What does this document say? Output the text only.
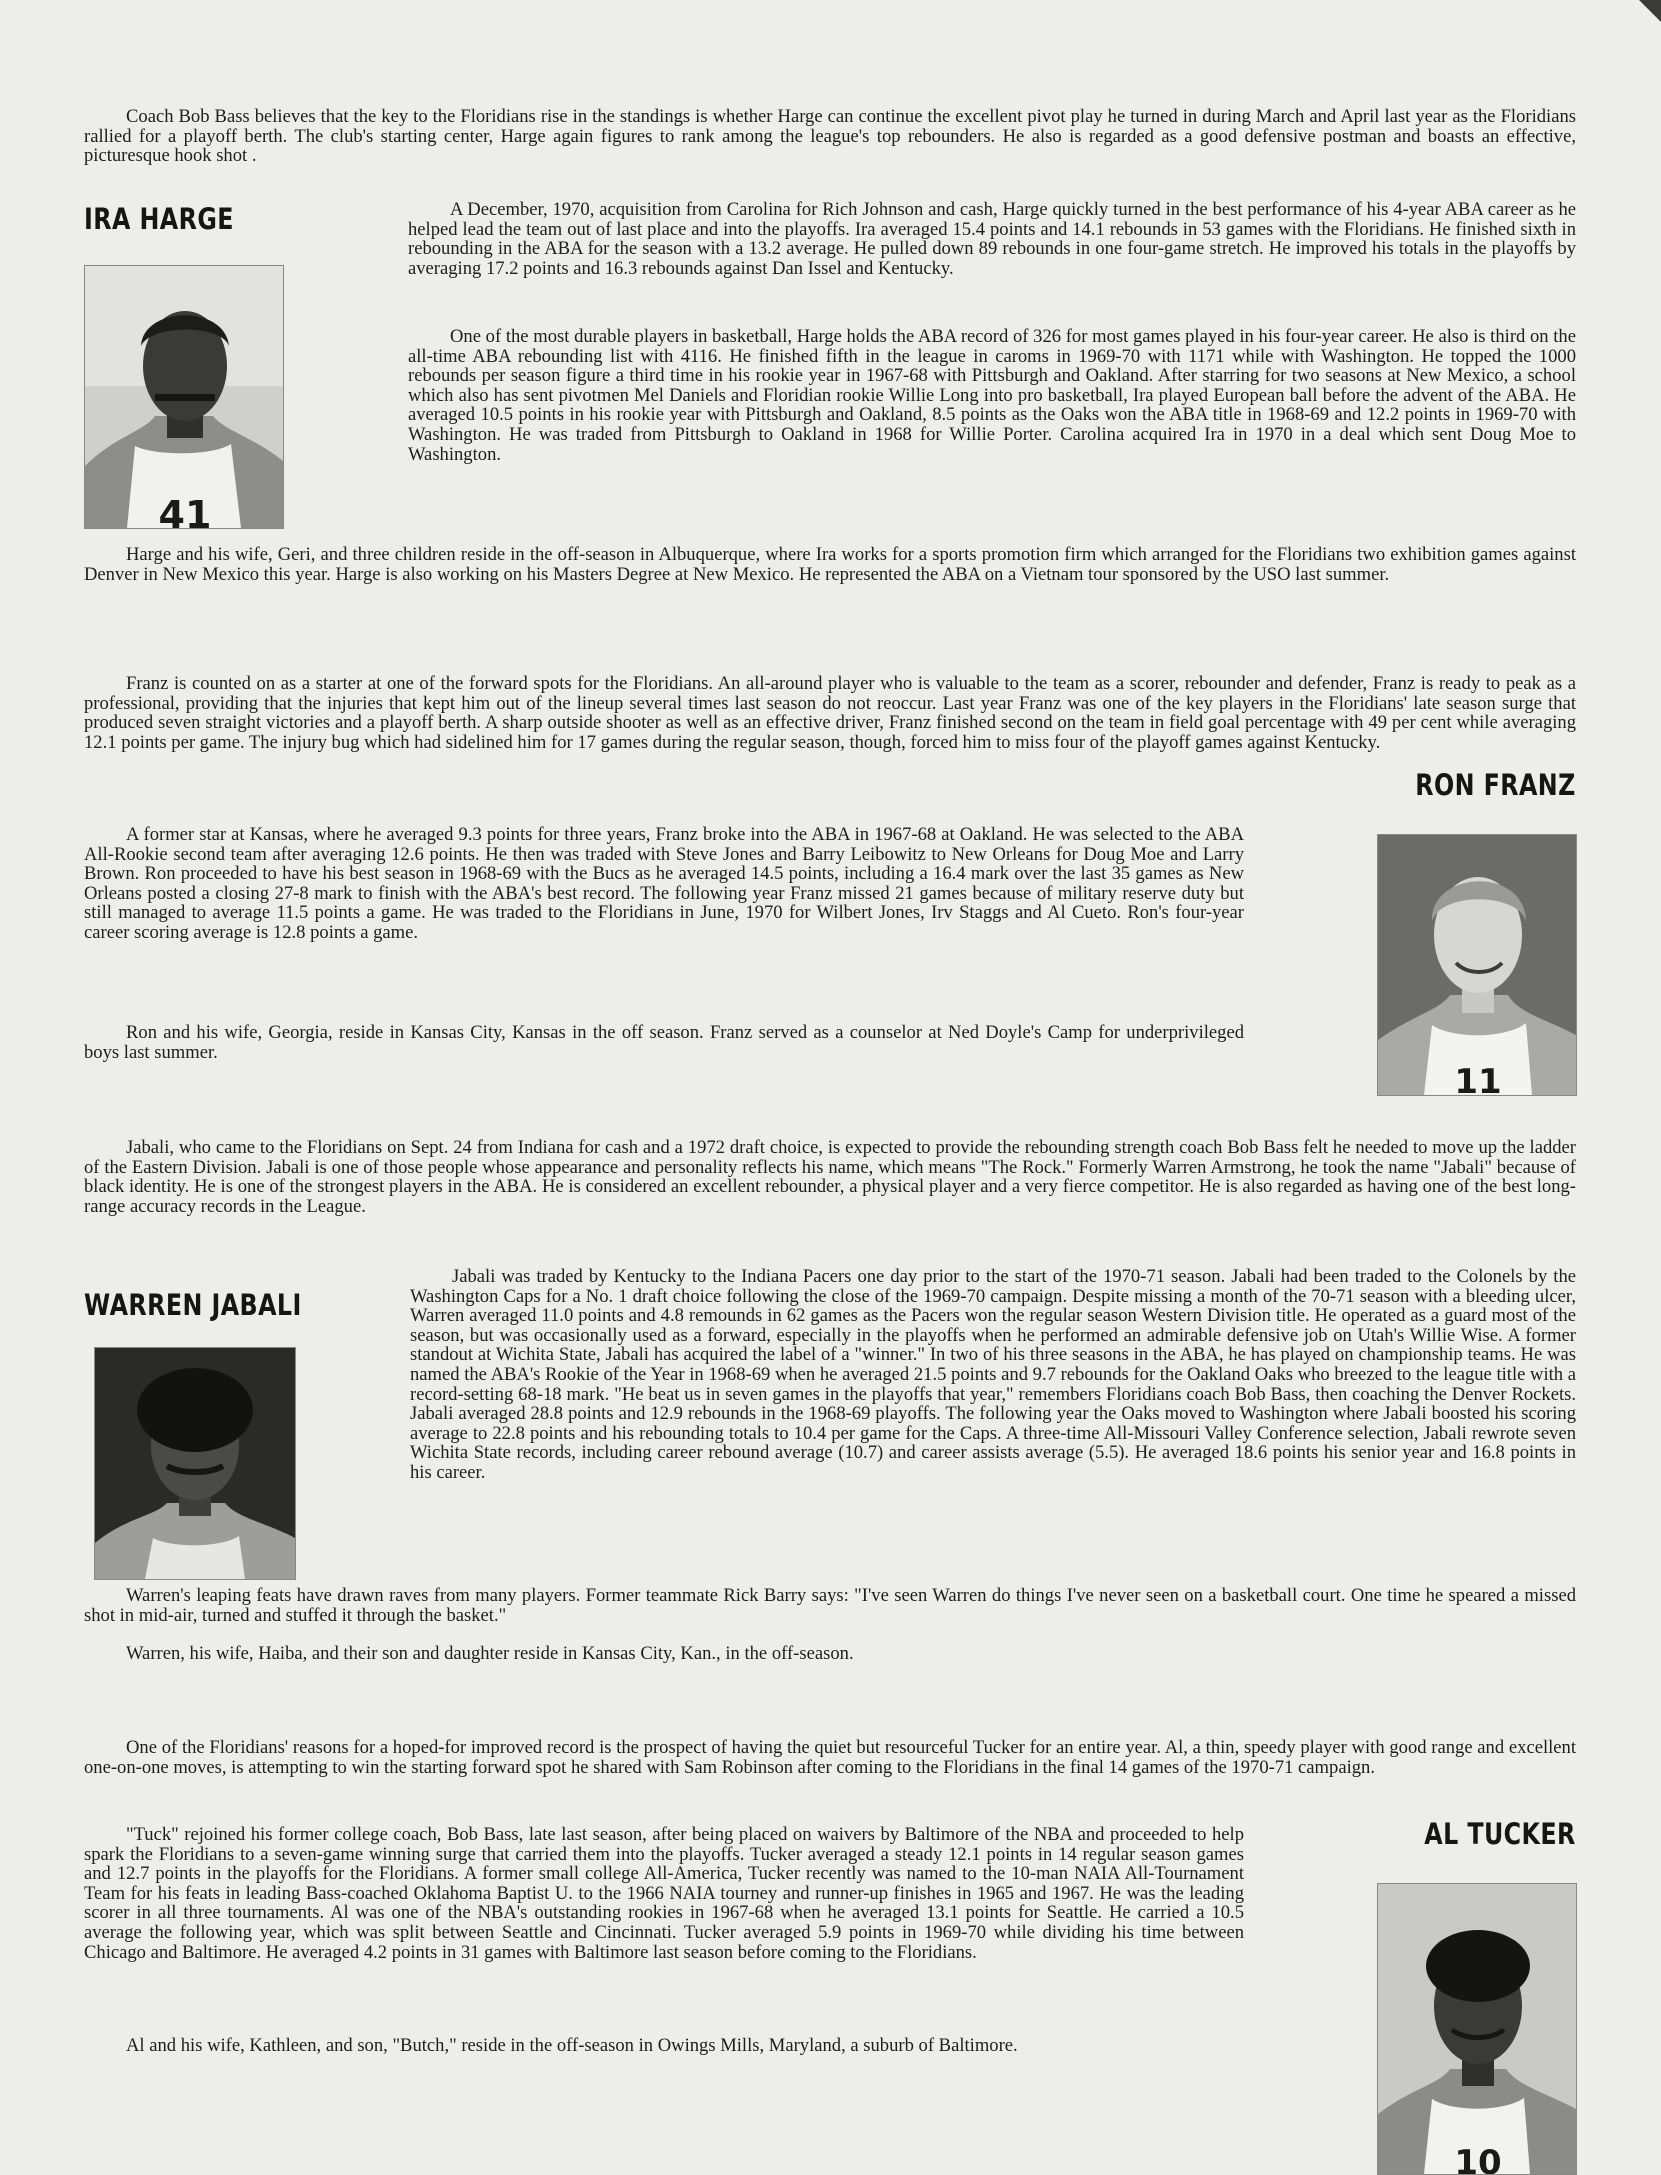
Coach Bob Bass believes that the key to the Floridians rise in the standings is whether Harge can continue the excellent pivot play he turned in during March and April last year as the Floridians rallied for a playoff berth. The club's starting center, Harge again figures to rank among the league's top rebounders. He also is regarded as a good defensive postman and boasts an effective, picturesque hook shot .

IRA HARGE
41

A December, 1970, acquisition from Carolina for Rich Johnson and cash, Harge quickly turned in the best performance of his 4-year ABA career as he helped lead the team out of last place and into the playoffs. Ira averaged 15.4 points and 14.1 rebounds in 53 games with the Floridians. He finished sixth in rebounding in the ABA for the season with a 13.2 average. He pulled down 89 rebounds in one four-game stretch. He improved his totals in the playoffs by averaging 17.2 points and 16.3 rebounds against Dan Issel and Kentucky.

One of the most durable players in basketball, Harge holds the ABA record of 326 for most games played in his four-year career. He also is third on the all-time ABA rebounding list with 4116. He finished fifth in the league in caroms in 1969-70 with 1171 while with Washington. He topped the 1000 rebounds per season figure a third time in his rookie year in 1967-68 with Pittsburgh and Oakland. After starring for two seasons at New Mexico, a school which also has sent pivotmen Mel Daniels and Floridian rookie Willie Long into pro basketball, Ira played European ball before the advent of the ABA. He averaged 10.5 points in his rookie year with Pittsburgh and Oakland, 8.5 points as the Oaks won the ABA title in 1968-69 and 12.2 points in 1969-70 with Washington. He was traded from Pittsburgh to Oakland in 1968 for Willie Porter. Carolina acquired Ira in 1970 in a deal which sent Doug Moe to Washington.

Harge and his wife, Geri, and three children reside in the off-season in Albuquerque, where Ira works for a sports promotion firm which arranged for the Floridians two exhibition games against Denver in New Mexico this year. Harge is also working on his Masters Degree at New Mexico. He represented the ABA on a Vietnam tour sponsored by the USO last summer.

Franz is counted on as a starter at one of the forward spots for the Floridians. An all-around player who is valuable to the team as a scorer, rebounder and defender, Franz is ready to peak as a professional, providing that the injuries that kept him out of the lineup several times last season do not reoccur. Last year Franz was one of the key players in the Floridians' late season surge that produced seven straight victories and a playoff berth. A sharp outside shooter as well as an effective driver, Franz finished second on the team in field goal percentage with 49 per cent while averaging 12.1 points per game. The injury bug which had sidelined him for 17 games during the regular season, though, forced him to miss four of the playoff games against Kentucky.

RON FRANZ
11

A former star at Kansas, where he averaged 9.3 points for three years, Franz broke into the ABA in 1967-68 at Oakland. He was selected to the ABA All-Rookie second team after averaging 12.6 points. He then was traded with Steve Jones and Barry Leibowitz to New Orleans for Doug Moe and Larry Brown. Ron proceeded to have his best season in 1968-69 with the Bucs as he averaged 14.5 points, including a 16.4 mark over the last 35 games as New Orleans posted a closing 27-8 mark to finish with the ABA's best record. The following year Franz missed 21 games because of military reserve duty but still managed to average 11.5 points a game. He was traded to the Floridians in June, 1970 for Wilbert Jones, Irv Staggs and Al Cueto. Ron's four-year career scoring average is 12.8 points a game.

Ron and his wife, Georgia, reside in Kansas City, Kansas in the off season. Franz served as a counselor at Ned Doyle's Camp for underprivileged boys last summer.

Jabali, who came to the Floridians on Sept. 24 from Indiana for cash and a 1972 draft choice, is expected to provide the rebounding strength coach Bob Bass felt he needed to move up the ladder of the Eastern Division. Jabali is one of those people whose appearance and personality reflects his name, which means "The Rock." Formerly Warren Armstrong, he took the name "Jabali" because of black identity. He is one of the strongest players in the ABA. He is considered an excellent rebounder, a physical player and a very fierce competitor. He is also regarded as having one of the best long-range accuracy records in the League.

WARREN JABALI

Jabali was traded by Kentucky to the Indiana Pacers one day prior to the start of the 1970-71 season. Jabali had been traded to the Colonels by the Washington Caps for a No. 1 draft choice following the close of the 1969-70 campaign. Despite missing a month of the 70-71 season with a bleeding ulcer, Warren averaged 11.0 points and 4.8 remounds in 62 games as the Pacers won the regular season Western Division title. He operated as a guard most of the season, but was occasionally used as a forward, especially in the playoffs when he performed an admirable defensive job on Utah's Willie Wise. A former standout at Wichita State, Jabali has acquired the label of a "winner." In two of his three seasons in the ABA, he has played on championship teams. He was named the ABA's Rookie of the Year in 1968-69 when he averaged 21.5 points and 9.7 rebounds for the Oakland Oaks who breezed to the league title with a record-setting 68-18 mark. "He beat us in seven games in the playoffs that year," remembers Floridians coach Bob Bass, then coaching the Denver Rockets. Jabali averaged 28.8 points and 12.9 rebounds in the 1968-69 playoffs. The following year the Oaks moved to Washington where Jabali boosted his scoring average to 22.8 points and his rebounding totals to 10.4 per game for the Caps. A three-time All-Missouri Valley Conference selection, Jabali rewrote seven Wichita State records, including career rebound average (10.7) and career assists average (5.5). He averaged 18.6 points his senior year and 16.8 points in his career.

Warren's leaping feats have drawn raves from many players. Former teammate Rick Barry says: "I've seen Warren do things I've never seen on a basketball court. One time he speared a missed shot in mid-air, turned and stuffed it through the basket."

Warren, his wife, Haiba, and their son and daughter reside in Kansas City, Kan., in the off-season.

One of the Floridians' reasons for a hoped-for improved record is the prospect of having the quiet but resourceful Tucker for an entire year. Al, a thin, speedy player with good range and excellent one-on-one moves, is attempting to win the starting forward spot he shared with Sam Robinson after coming to the Floridians in the final 14 games of the 1970-71 campaign.

AL TUCKER
10

"Tuck" rejoined his former college coach, Bob Bass, late last season, after being placed on waivers by Baltimore of the NBA and proceeded to help spark the Floridians to a seven-game winning surge that carried them into the playoffs. Tucker averaged a steady 12.1 points in 14 regular season games and 12.7 points in the playoffs for the Floridians. A former small college All-America, Tucker recently was named to the 10-man NAIA All-Tournament Team for his feats in leading Bass-coached Oklahoma Baptist U. to the 1966 NAIA tourney and runner-up finishes in 1965 and 1967. He was the leading scorer in all three tournaments. Al was one of the NBA's outstanding rookies in 1967-68 when he averaged 13.1 points for Seattle. He carried a 10.5 average the following year, which was split between Seattle and Cincinnati. Tucker averaged 5.9 points in 1969-70 while dividing his time between Chicago and Baltimore. He averaged 4.2 points in 31 games with Baltimore last season before coming to the Floridians.

Al and his wife, Kathleen, and son, "Butch," reside in the off-season in Owings Mills, Maryland, a suburb of Baltimore.
